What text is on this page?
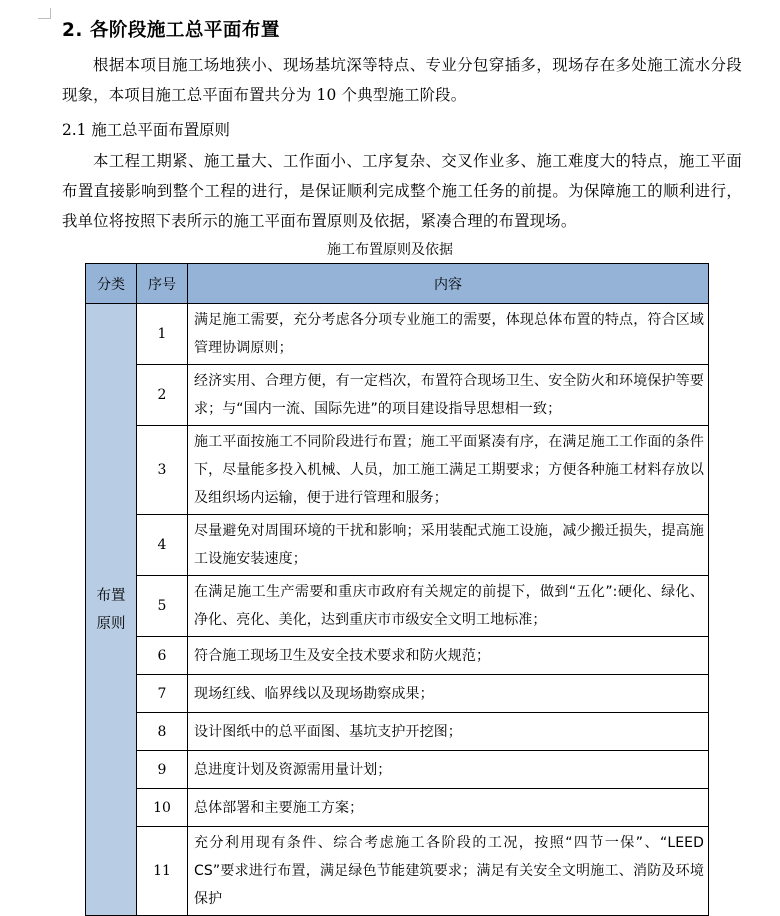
2. 各阶段施工总平面布置
根据本项目施工场地狭小、现场基坑深等特点、专业分包穿插多，现场存在多处施工流水分段现象，本项目施工总平面布置共分为 10 个典型施工阶段。
2.1 施工总平面布置原则
本工程工期紧、施工量大、工作面小、工序复杂、交叉作业多、施工难度大的特点，施工平面布置直接影响到整个工程的进行，是保证顺利完成整个施工任务的前提。为保障施工的顺利进行，我单位将按照下表所示的施工平面布置原则及依据，紧凑合理的布置现场。
施工布置原则及依据
分类	序号	内容

布置
原则	1	满足施工需要，充分考虑各分项专业施工的需要，体现总体布置的特点，符合区域管理协调原则；
	2	经济实用、合理方便，有一定档次，布置符合现场卫生、安全防火和环境保护等要求；与“国内一流、国际先进”的项目建设指导思想相一致；
	3	施工平面按施工不同阶段进行布置；施工平面紧凑有序，在满足施工工作面的条件下，尽量能多投入机械、人员，加工施工满足工期要求；方便各种施工材料存放以及组织场内运输，便于进行管理和服务；
	4	尽量避免对周围环境的干扰和影响；采用装配式施工设施，减少搬迁损失，提高施工设施安装速度；
	5	在满足施工生产需要和重庆市政府有关规定的前提下，做到“五化”:硬化、绿化、净化、亮化、美化，达到重庆市市级安全文明工地标准；
	6	符合施工现场卫生及安全技术要求和防火规范；
	7	现场红线、临界线以及现场勘察成果；
	8	设计图纸中的总平面图、基坑支护开挖图；
	9	总进度计划及资源需用量计划；
	10	总体部署和主要施工方案；
	11	充分利用现有条件、综合考虑施工各阶段的工况，按照“四节一保”、“LEED CS”要求进行布置，满足绿色节能建筑要求；满足有关安全文明施工、消防及环境保护
